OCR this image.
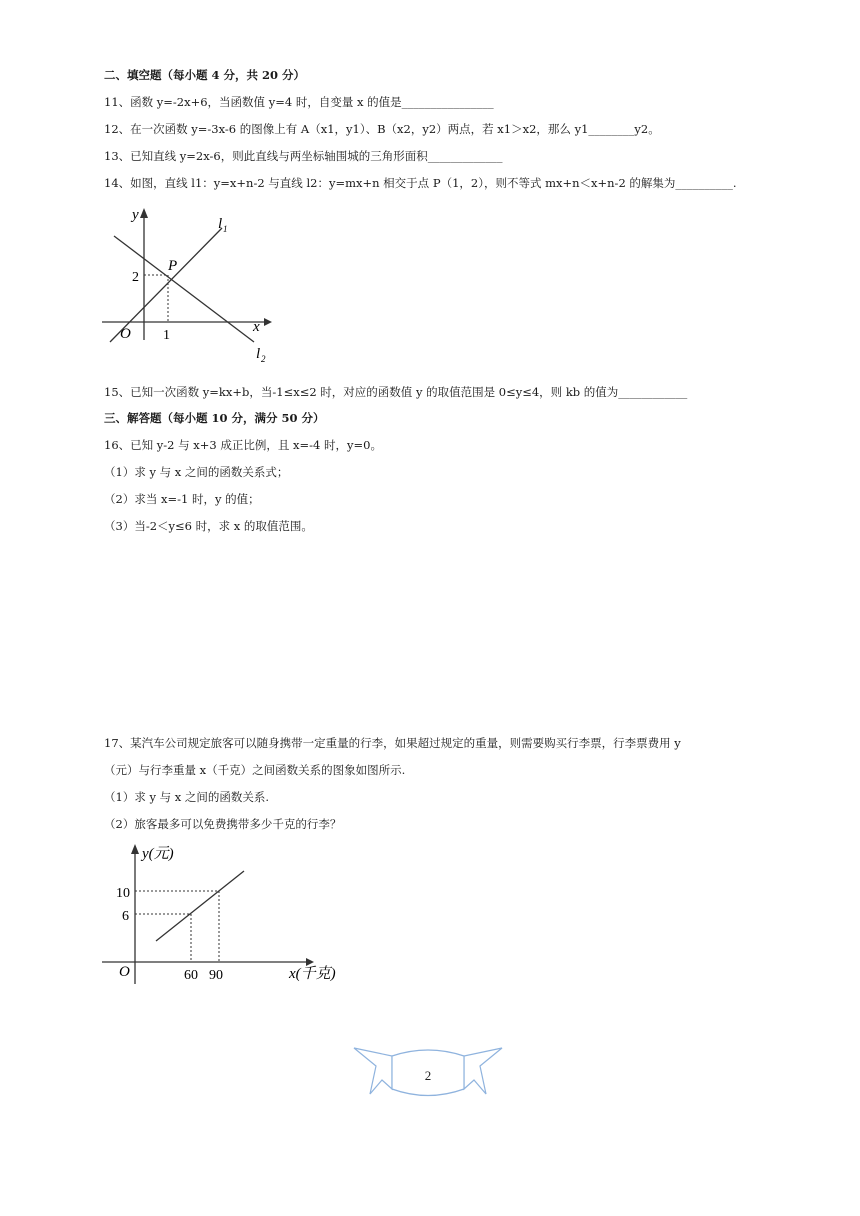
二、填空题（每小题 4 分，共 20 分）
11、函数 y=-2x+6，当函数值 y=4 时，自变量 x 的值是________________
12、在一次函数 y=-3x-6 的图像上有 A（x1，y1）、B（x2，y2）两点，若 x1＞x2，那么 y1________y2。
13、已知直线 y=2x-6，则此直线与两坐标轴围城的三角形面积_____________
14、如图，直线 l1：y=x+n-2 与直线 l2：y=mx+n 相交于点 P（1，2），则不等式 mx+n＜x+n-2 的解集为__________.
y
x
O
P
2
1
l 1
l 2
15、已知一次函数 y=kx+b，当-1≤x≤2 时，对应的函数值 y 的取值范围是 0≤y≤4，则 kb 的值为____________
三、解答题（每小题 10 分，满分 50 分）
16、已知 y-2 与 x+3 成正比例，且 x=-4 时，y=0。
（1）求 y 与 x 之间的函数关系式；
（2）求当 x=-1 时，y 的值；
（3）当-2＜y≤6 时，求 x 的取值范围。
17、某汽车公司规定旅客可以随身携带一定重量的行李，如果超过规定的重量，则需要购买行李票，行李票费用 y
（元）与行李重量 x（千克）之间函数关系的图象如图所示.
（1）求 y 与 x 之间的函数关系.
（2）旅客最多可以免费携带多少千克的行李？
y(元)
x(千克)
O
10
6
60 90
2
